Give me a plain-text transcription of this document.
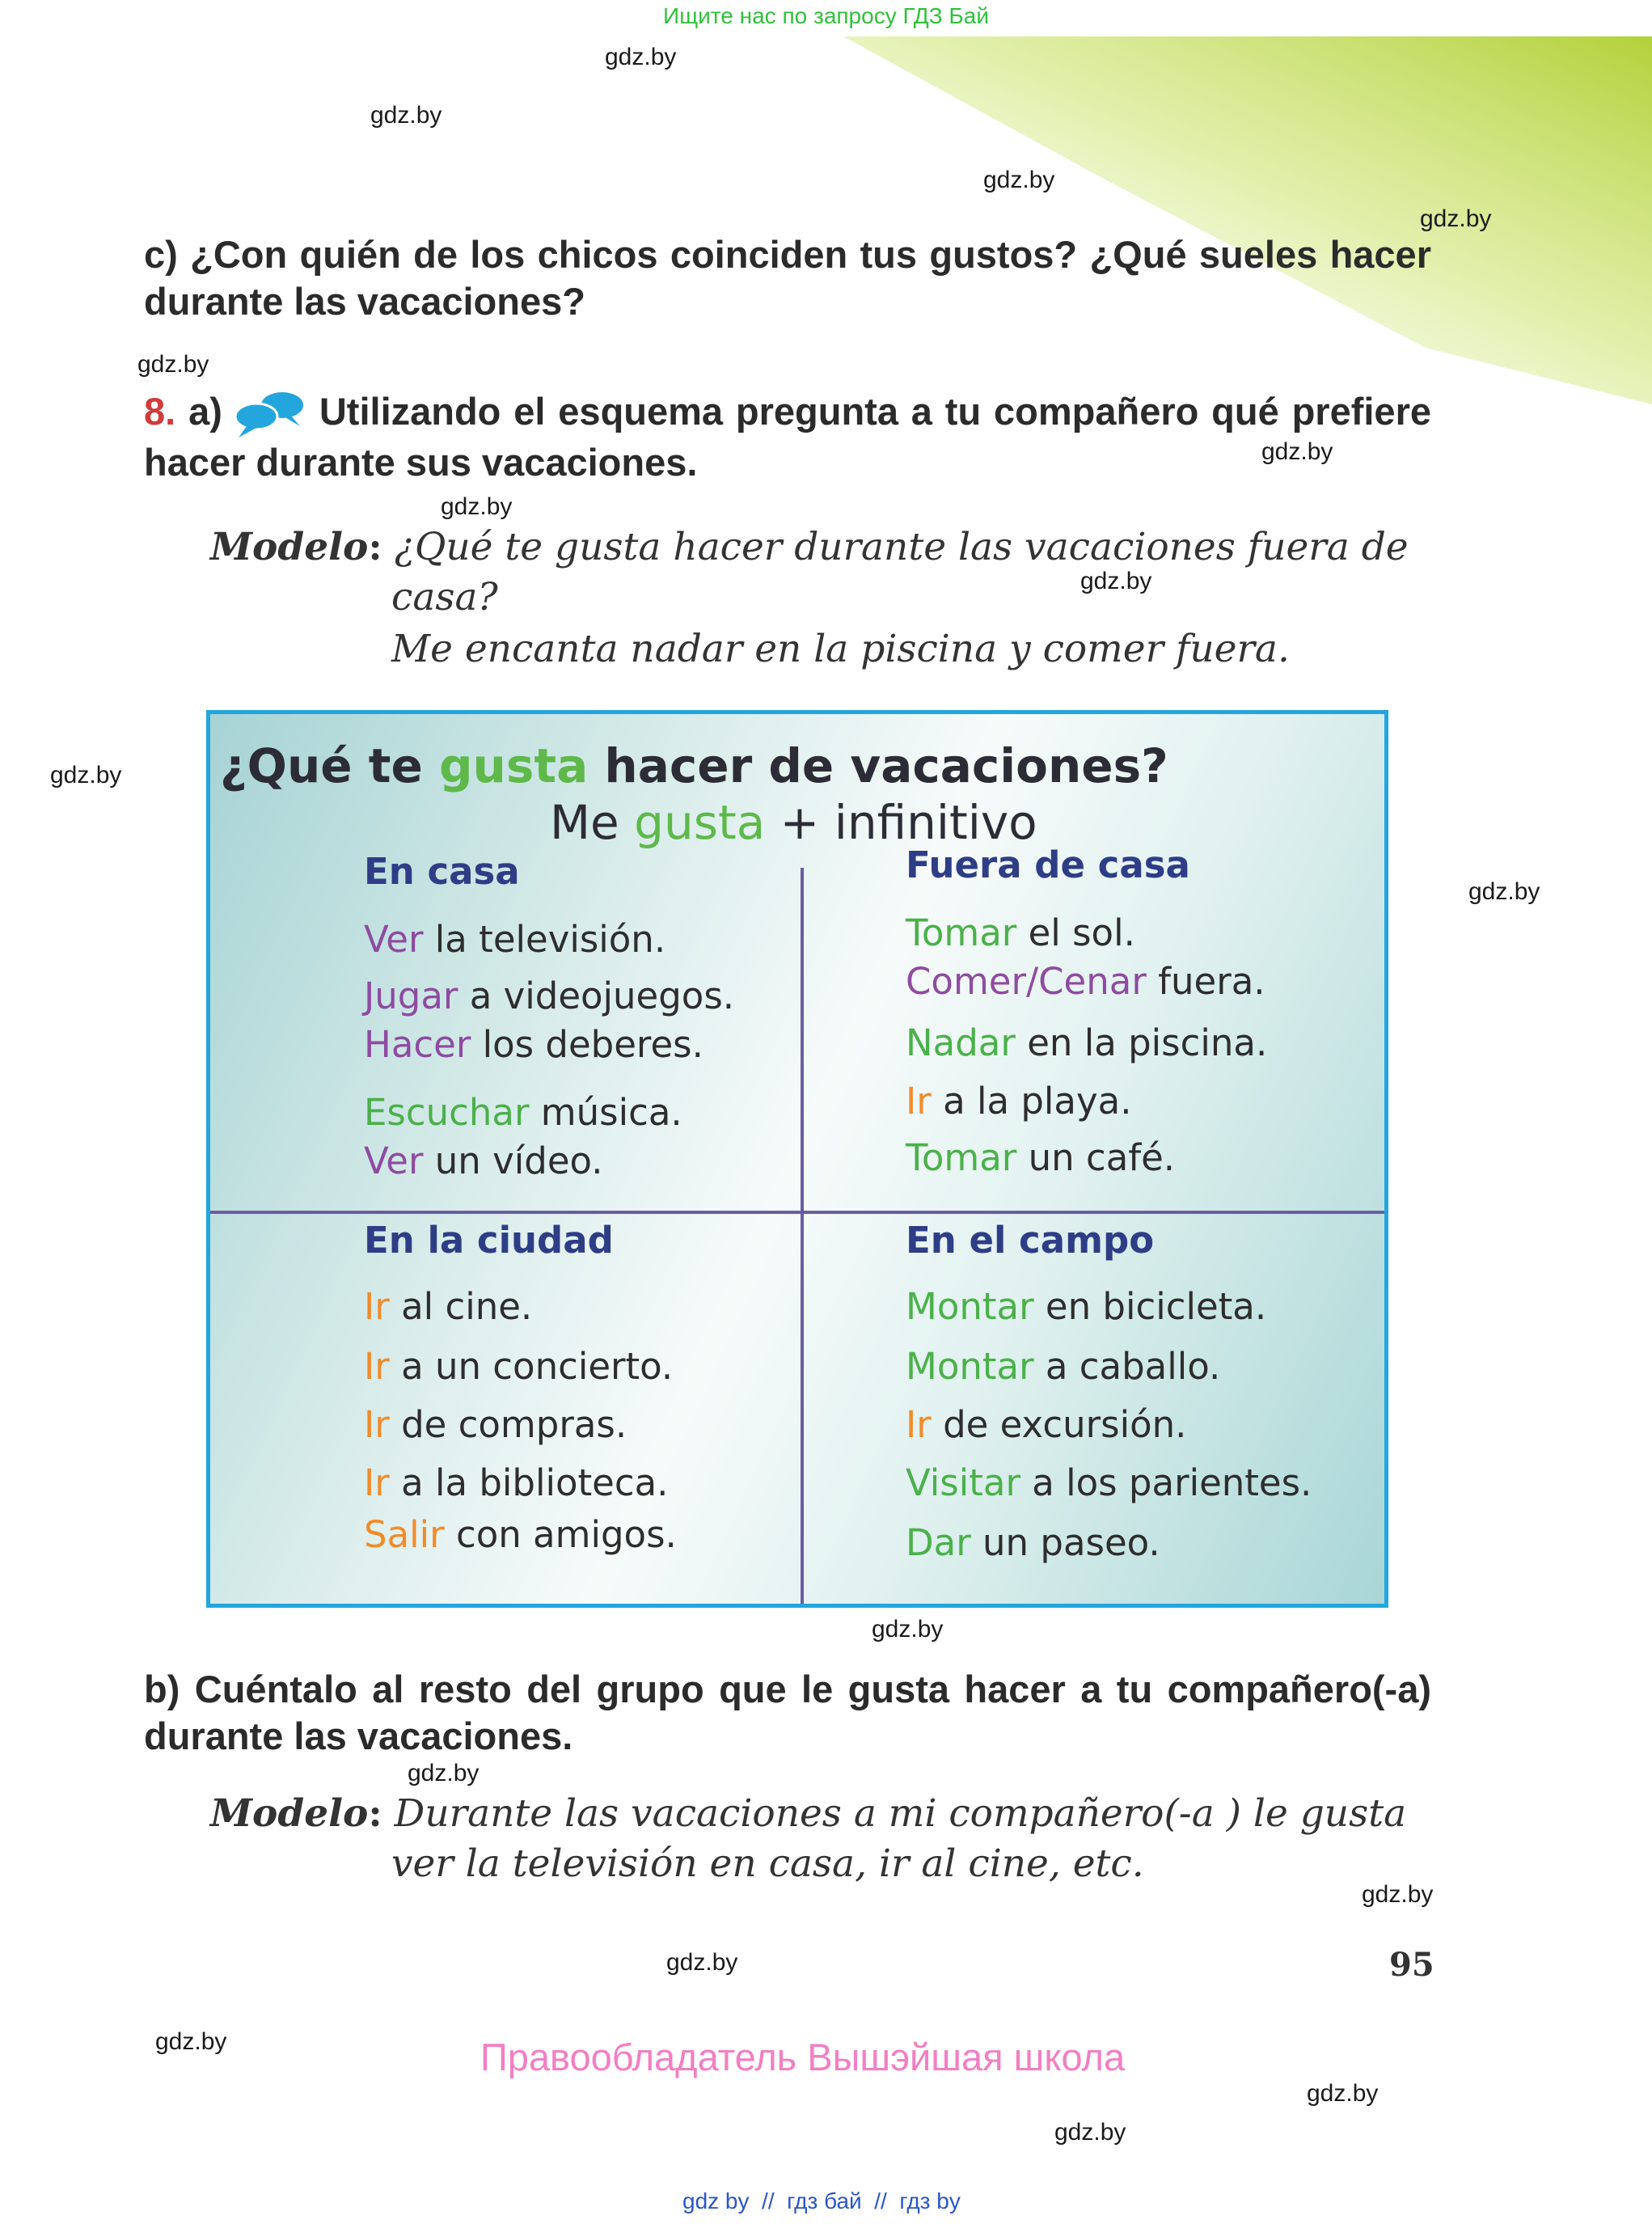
Ищите нас по запросу ГДЗ Бай
gdz.by
gdz.by
gdz.by
gdz.by
gdz.by
gdz.by
gdz.by
gdz.by
gdz.by
gdz.by
gdz.by
gdz.by
gdz.by
gdz.by
gdz.by
gdz.by
gdz.by
c) ¿Con quién de los chicos coinciden tus gustos? ¿Qué sueles hacer durante las vacaciones?
8. a)	Utilizando el esquema pregunta a tu compañero qué prefiere hacer durante sus vacaciones.
Modelo: ¿Qué te gusta hacer durante las vacaciones fuera de
casa?
Me encanta nadar en la piscina y comer fuera.
¿Qué te gusta hacer de vacaciones?
Me gusta + infinitivo
En casa
Ver la televisión.
Jugar a videojuegos.
Hacer los deberes.
Escuchar música.
Ver un vídeo.
Fuera de casa
Tomar el sol.
Comer/Cenar fuera.
Nadar en la piscina.
Ir a la playa.
Tomar un café.
En la ciudad
Ir al cine.
Ir a un concierto.
Ir de compras.
Ir a la biblioteca.
Salir con amigos.
En el campo
Montar en bicicleta.
Montar a caballo.
Ir de excursión.
Visitar a los parientes.
Dar un paseo.
b) Cuéntalo al resto del grupo que le gusta hacer a tu compañero(-a) durante las vacaciones.
Modelo: Durante las vacaciones a mi compañero(-a ) le gusta
ver la televisión en casa, ir al cine, etc.
95
Правообладатель Вышэйшая школа
gdz by  //  гдз бай  //  гдз by
